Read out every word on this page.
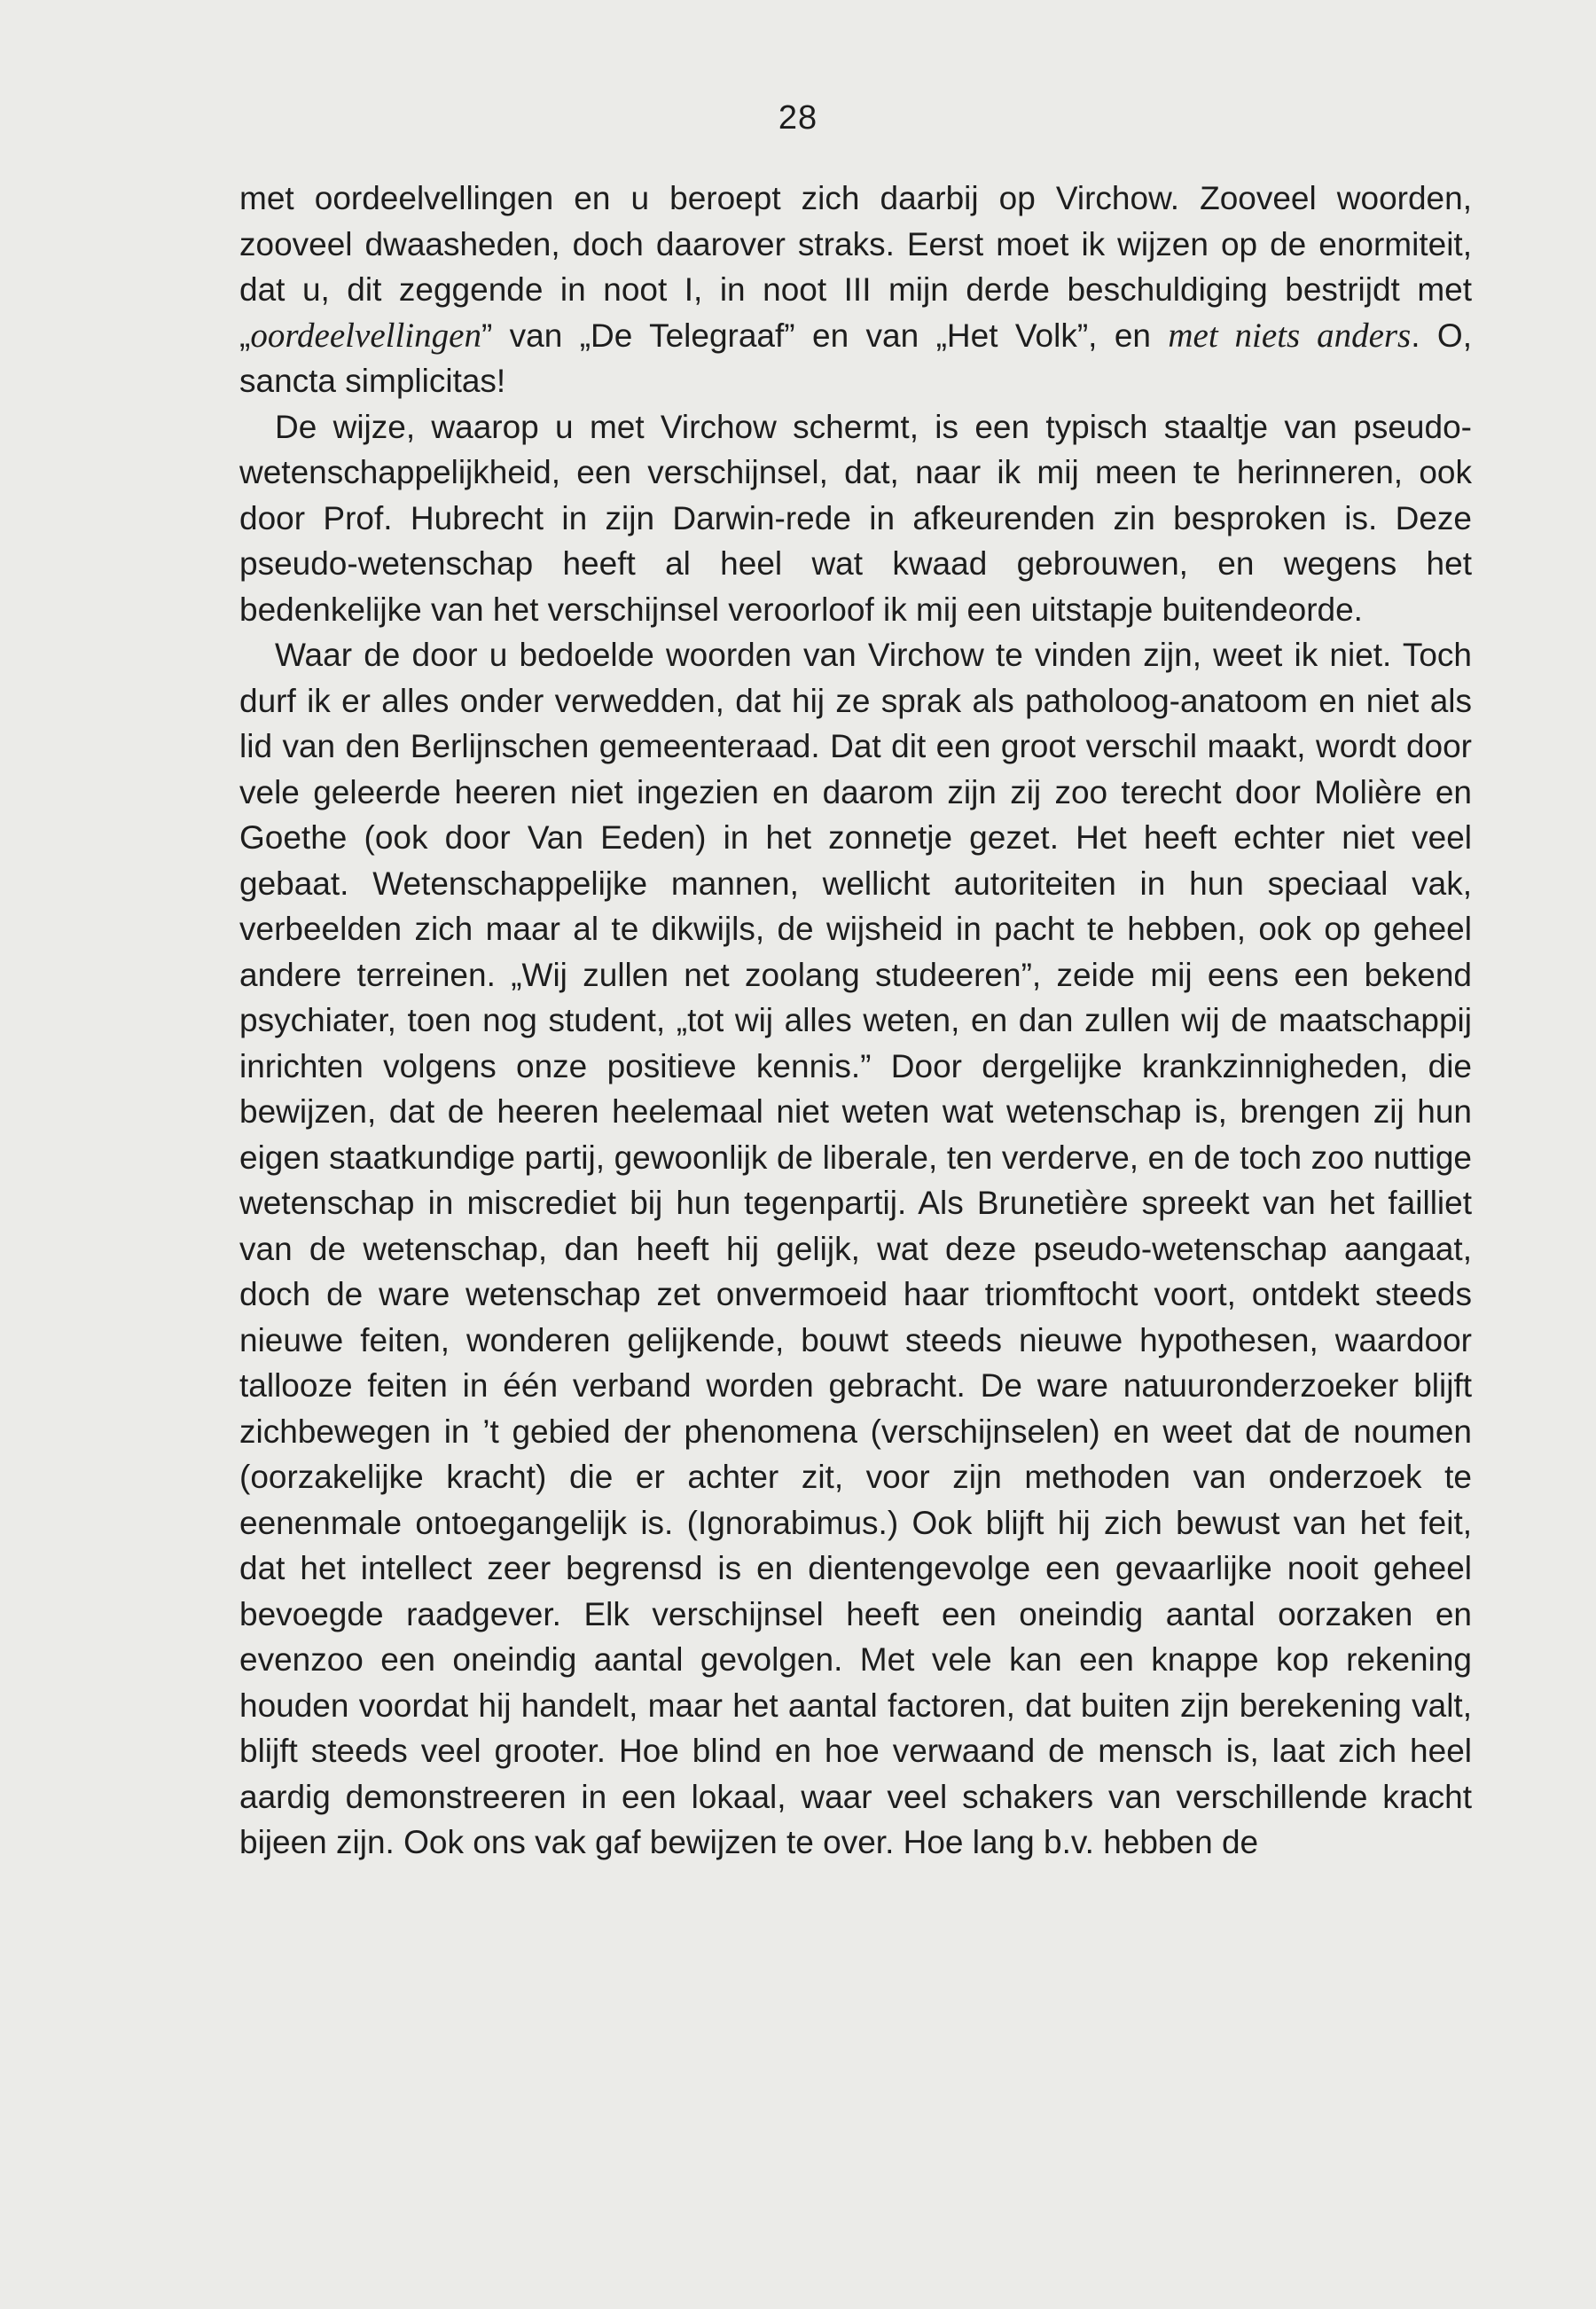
28

met oordeelvellingen en u beroept zich daarbij op Virchow. Zooveel woorden, zooveel dwaasheden, doch daarover straks. Eerst moet ik wijzen op de enormiteit, dat u, dit zeggende in noot I, in noot III mijn derde beschuldiging bestrijdt met „oordeelvellingen” van „De Telegraaf” en van „Het Volk”, en met niets anders. O, sancta simplicitas!

De wijze, waarop u met Virchow schermt, is een typisch staaltje van pseudo-wetenschappelijkheid, een verschijnsel, dat, naar ik mij meen te herinneren, ook door Prof. Hubrecht in zijn Darwin-rede in afkeurenden zin besproken is. Deze pseudo-wetenschap heeft al heel wat kwaad gebrouwen, en wegens het bedenkelijke van het verschijnsel veroorloof ik mij een uitstapje buitendeorde.

Waar de door u bedoelde woorden van Virchow te vinden zijn, weet ik niet. Toch durf ik er alles onder verwedden, dat hij ze sprak als patholoog-anatoom en niet als lid van den Berlijnschen gemeenteraad. Dat dit een groot verschil maakt, wordt door vele geleerde heeren niet ingezien en daarom zijn zij zoo terecht door Molière en Goethe (ook door Van Eeden) in het zonnetje gezet. Het heeft echter niet veel gebaat. Wetenschappelijke mannen, wellicht autoriteiten in hun speciaal vak, verbeelden zich maar al te dikwijls, de wijsheid in pacht te hebben, ook op geheel andere terreinen. „Wij zullen net zoolang studeeren”, zeide mij eens een bekend psychiater, toen nog student, „tot wij alles weten, en dan zullen wij de maatschappij inrichten volgens onze positieve kennis.” Door dergelijke krankzinnigheden, die bewijzen, dat de heeren heelemaal niet weten wat wetenschap is, brengen zij hun eigen staatkundige partij, gewoonlijk de liberale, ten verderve, en de toch zoo nuttige wetenschap in miscrediet bij hun tegenpartij. Als Brunetière spreekt van het failliet van de wetenschap, dan heeft hij gelijk, wat deze pseudo-wetenschap aangaat, doch de ware wetenschap zet onvermoeid haar triomftocht voort, ontdekt steeds nieuwe feiten, wonderen gelijkende, bouwt steeds nieuwe hypothesen, waardoor tallooze feiten in één verband worden gebracht. De ware natuuronderzoeker blijft zichbewegen in ’t gebied der phenomena (verschijnselen) en weet dat de noumen (oorzakelijke kracht) die er achter zit, voor zijn methoden van onderzoek te eenenmale ontoegangelijk is. (Ignorabimus.) Ook blijft hij zich bewust van het feit, dat het intellect zeer begrensd is en dientengevolge een gevaarlijke nooit geheel bevoegde raadgever. Elk verschijnsel heeft een oneindig aantal oorzaken en evenzoo een oneindig aantal gevolgen. Met vele kan een knappe kop rekening houden voordat hij handelt, maar het aantal factoren, dat buiten zijn berekening valt, blijft steeds veel grooter. Hoe blind en hoe verwaand de mensch is, laat zich heel aardig demonstreeren in een lokaal, waar veel schakers van verschillende kracht bijeen zijn. Ook ons vak gaf bewijzen te over. Hoe lang b.v. hebben de
